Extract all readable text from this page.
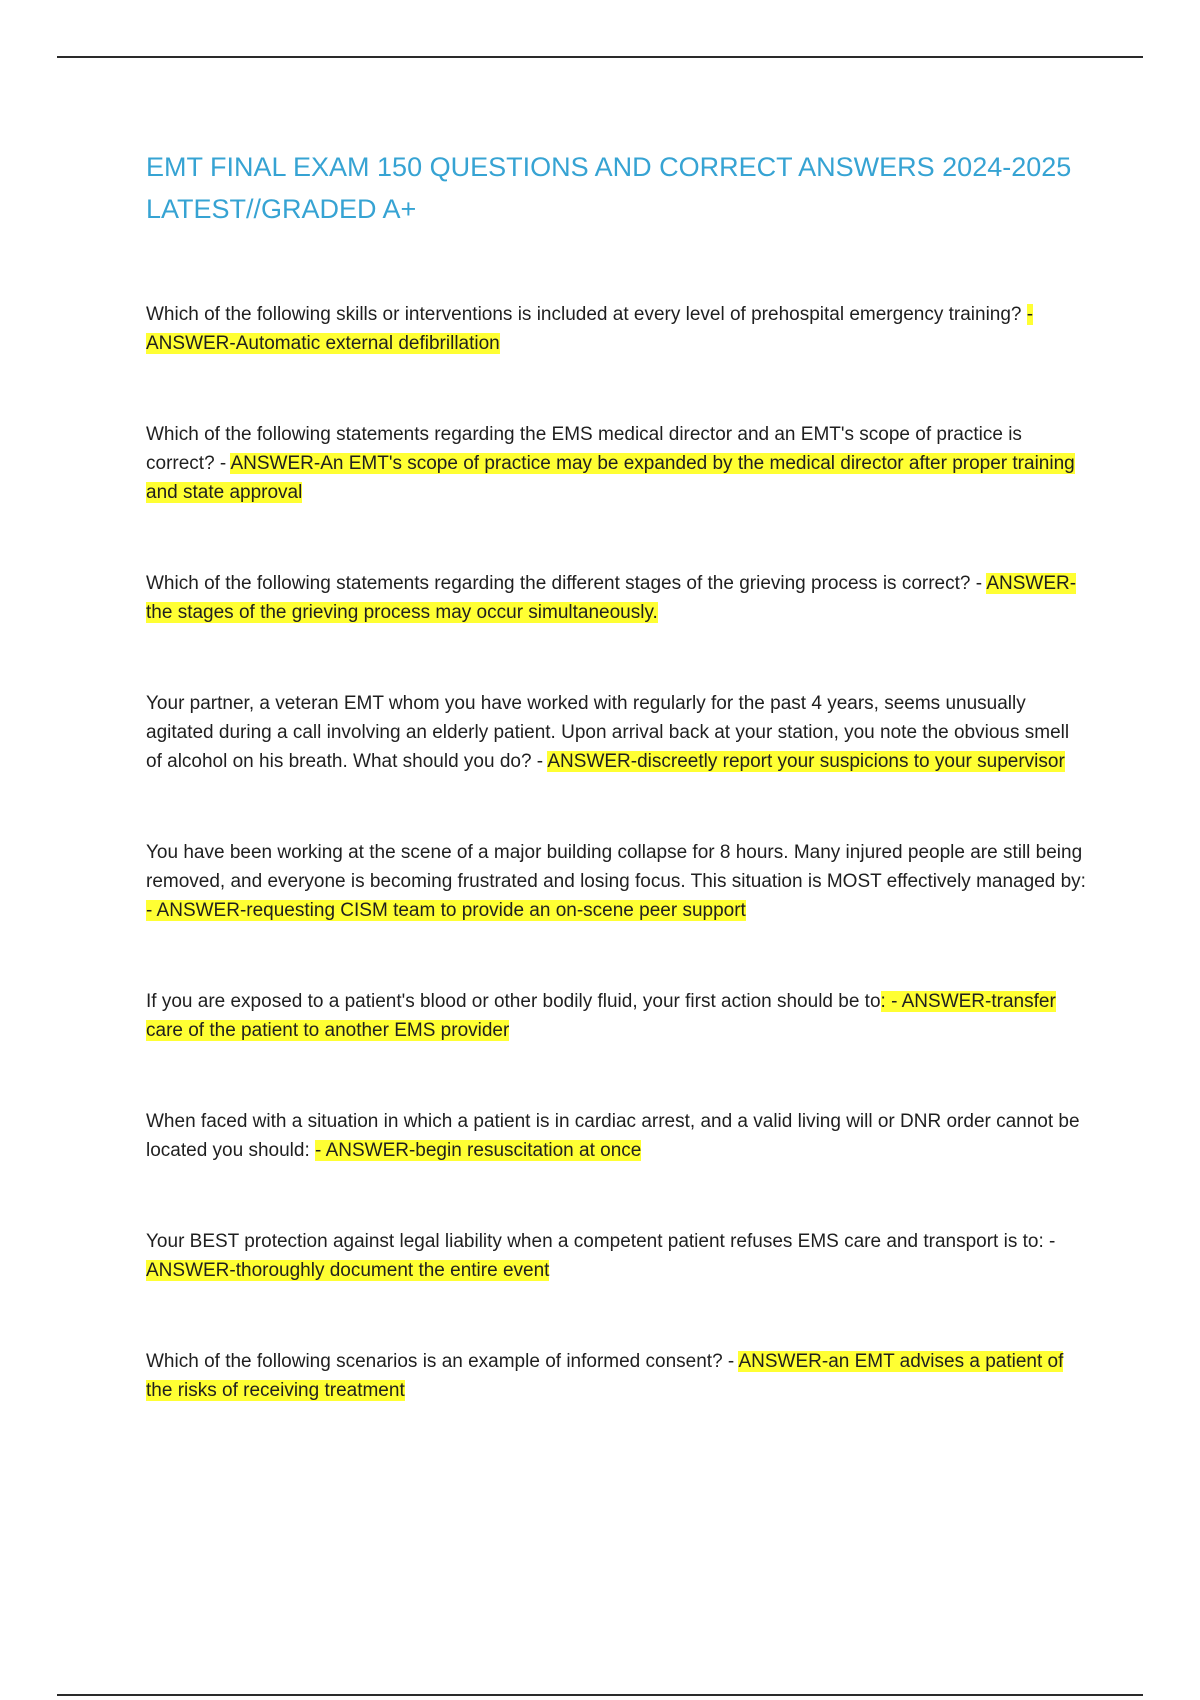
EMT FINAL EXAM 150 QUESTIONS AND CORRECT ANSWERS 2024-2025 LATEST//GRADED A+

Which of the following skills or interventions is included at every level of prehospital emergency training? - ANSWER-Automatic external defibrillation

Which of the following statements regarding the EMS medical director and an EMT's scope of practice is correct? - ANSWER-An EMT's scope of practice may be expanded by the medical director after proper training and state approval

Which of the following statements regarding the different stages of the grieving process is correct? - ANSWER-the stages of the grieving process may occur simultaneously.

Your partner, a veteran EMT whom you have worked with regularly for the past 4 years, seems unusually agitated during a call involving an elderly patient. Upon arrival back at your station, you note the obvious smell of alcohol on his breath. What should you do? - ANSWER-discreetly report your suspicions to your supervisor

You have been working at the scene of a major building collapse for 8 hours. Many injured people are still being removed, and everyone is becoming frustrated and losing focus. This situation is MOST effectively managed by: - ANSWER-requesting CISM team to provide an on-scene peer support

If you are exposed to a patient's blood or other bodily fluid, your first action should be to: - ANSWER-transfer care of the patient to another EMS provider

When faced with a situation in which a patient is in cardiac arrest, and a valid living will or DNR order cannot be located you should: - ANSWER-begin resuscitation at once

Your BEST protection against legal liability when a competent patient refuses EMS care and transport is to: - ANSWER-thoroughly document the entire event

Which of the following scenarios is an example of informed consent? - ANSWER-an EMT advises a patient of the risks of receiving treatment
